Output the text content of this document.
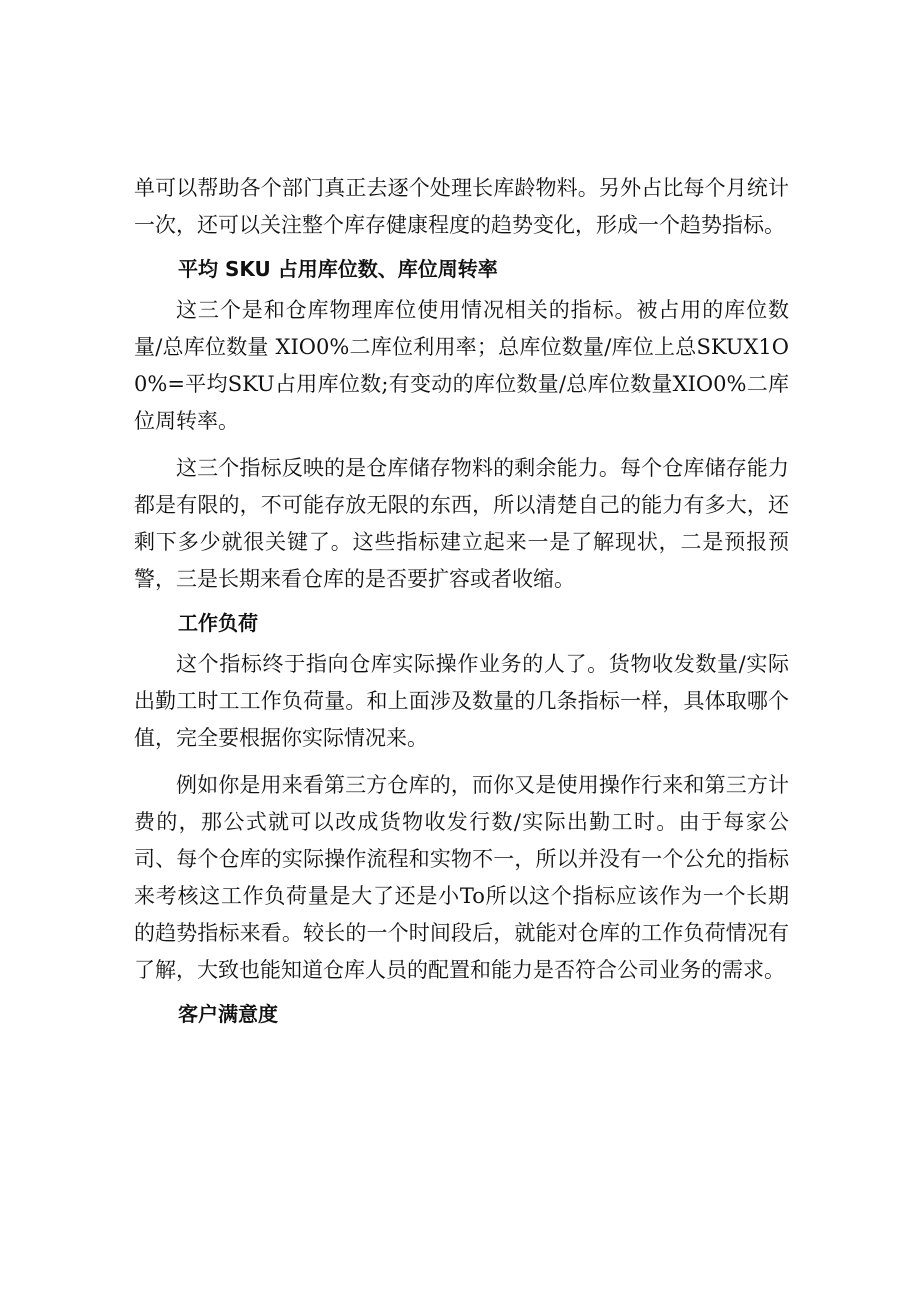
单可以帮助各个部门真正去逐个处理长库龄物料。另外占比每个月统计一次，还可以关注整个库存健康程度的趋势变化，形成一个趋势指标。

平均 SKU 占用库位数、库位周转率

这三个是和仓库物理库位使用情况相关的指标。被占用的库位数量/总库位数量 XIO0%二库位利用率；总库位数量/库位上总SKUX1O0%=平均SKU占用库位数;有变动的库位数量/总库位数量XIO0%二库位周转率。

这三个指标反映的是仓库储存物料的剩余能力。每个仓库储存能力都是有限的，不可能存放无限的东西，所以清楚自己的能力有多大，还剩下多少就很关键了。这些指标建立起来一是了解现状，二是预报预警，三是长期来看仓库的是否要扩容或者收缩。

工作负荷

这个指标终于指向仓库实际操作业务的人了。货物收发数量/实际出勤工时工工作负荷量。和上面涉及数量的几条指标一样，具体取哪个值，完全要根据你实际情况来。

例如你是用来看第三方仓库的，而你又是使用操作行来和第三方计费的，那公式就可以改成货物收发行数/实际出勤工时。由于每家公司、每个仓库的实际操作流程和实物不一，所以并没有一个公允的指标来考核这工作负荷量是大了还是小To所以这个指标应该作为一个长期的趋势指标来看。较长的一个时间段后，就能对仓库的工作负荷情况有了解，大致也能知道仓库人员的配置和能力是否符合公司业务的需求。

客户满意度
